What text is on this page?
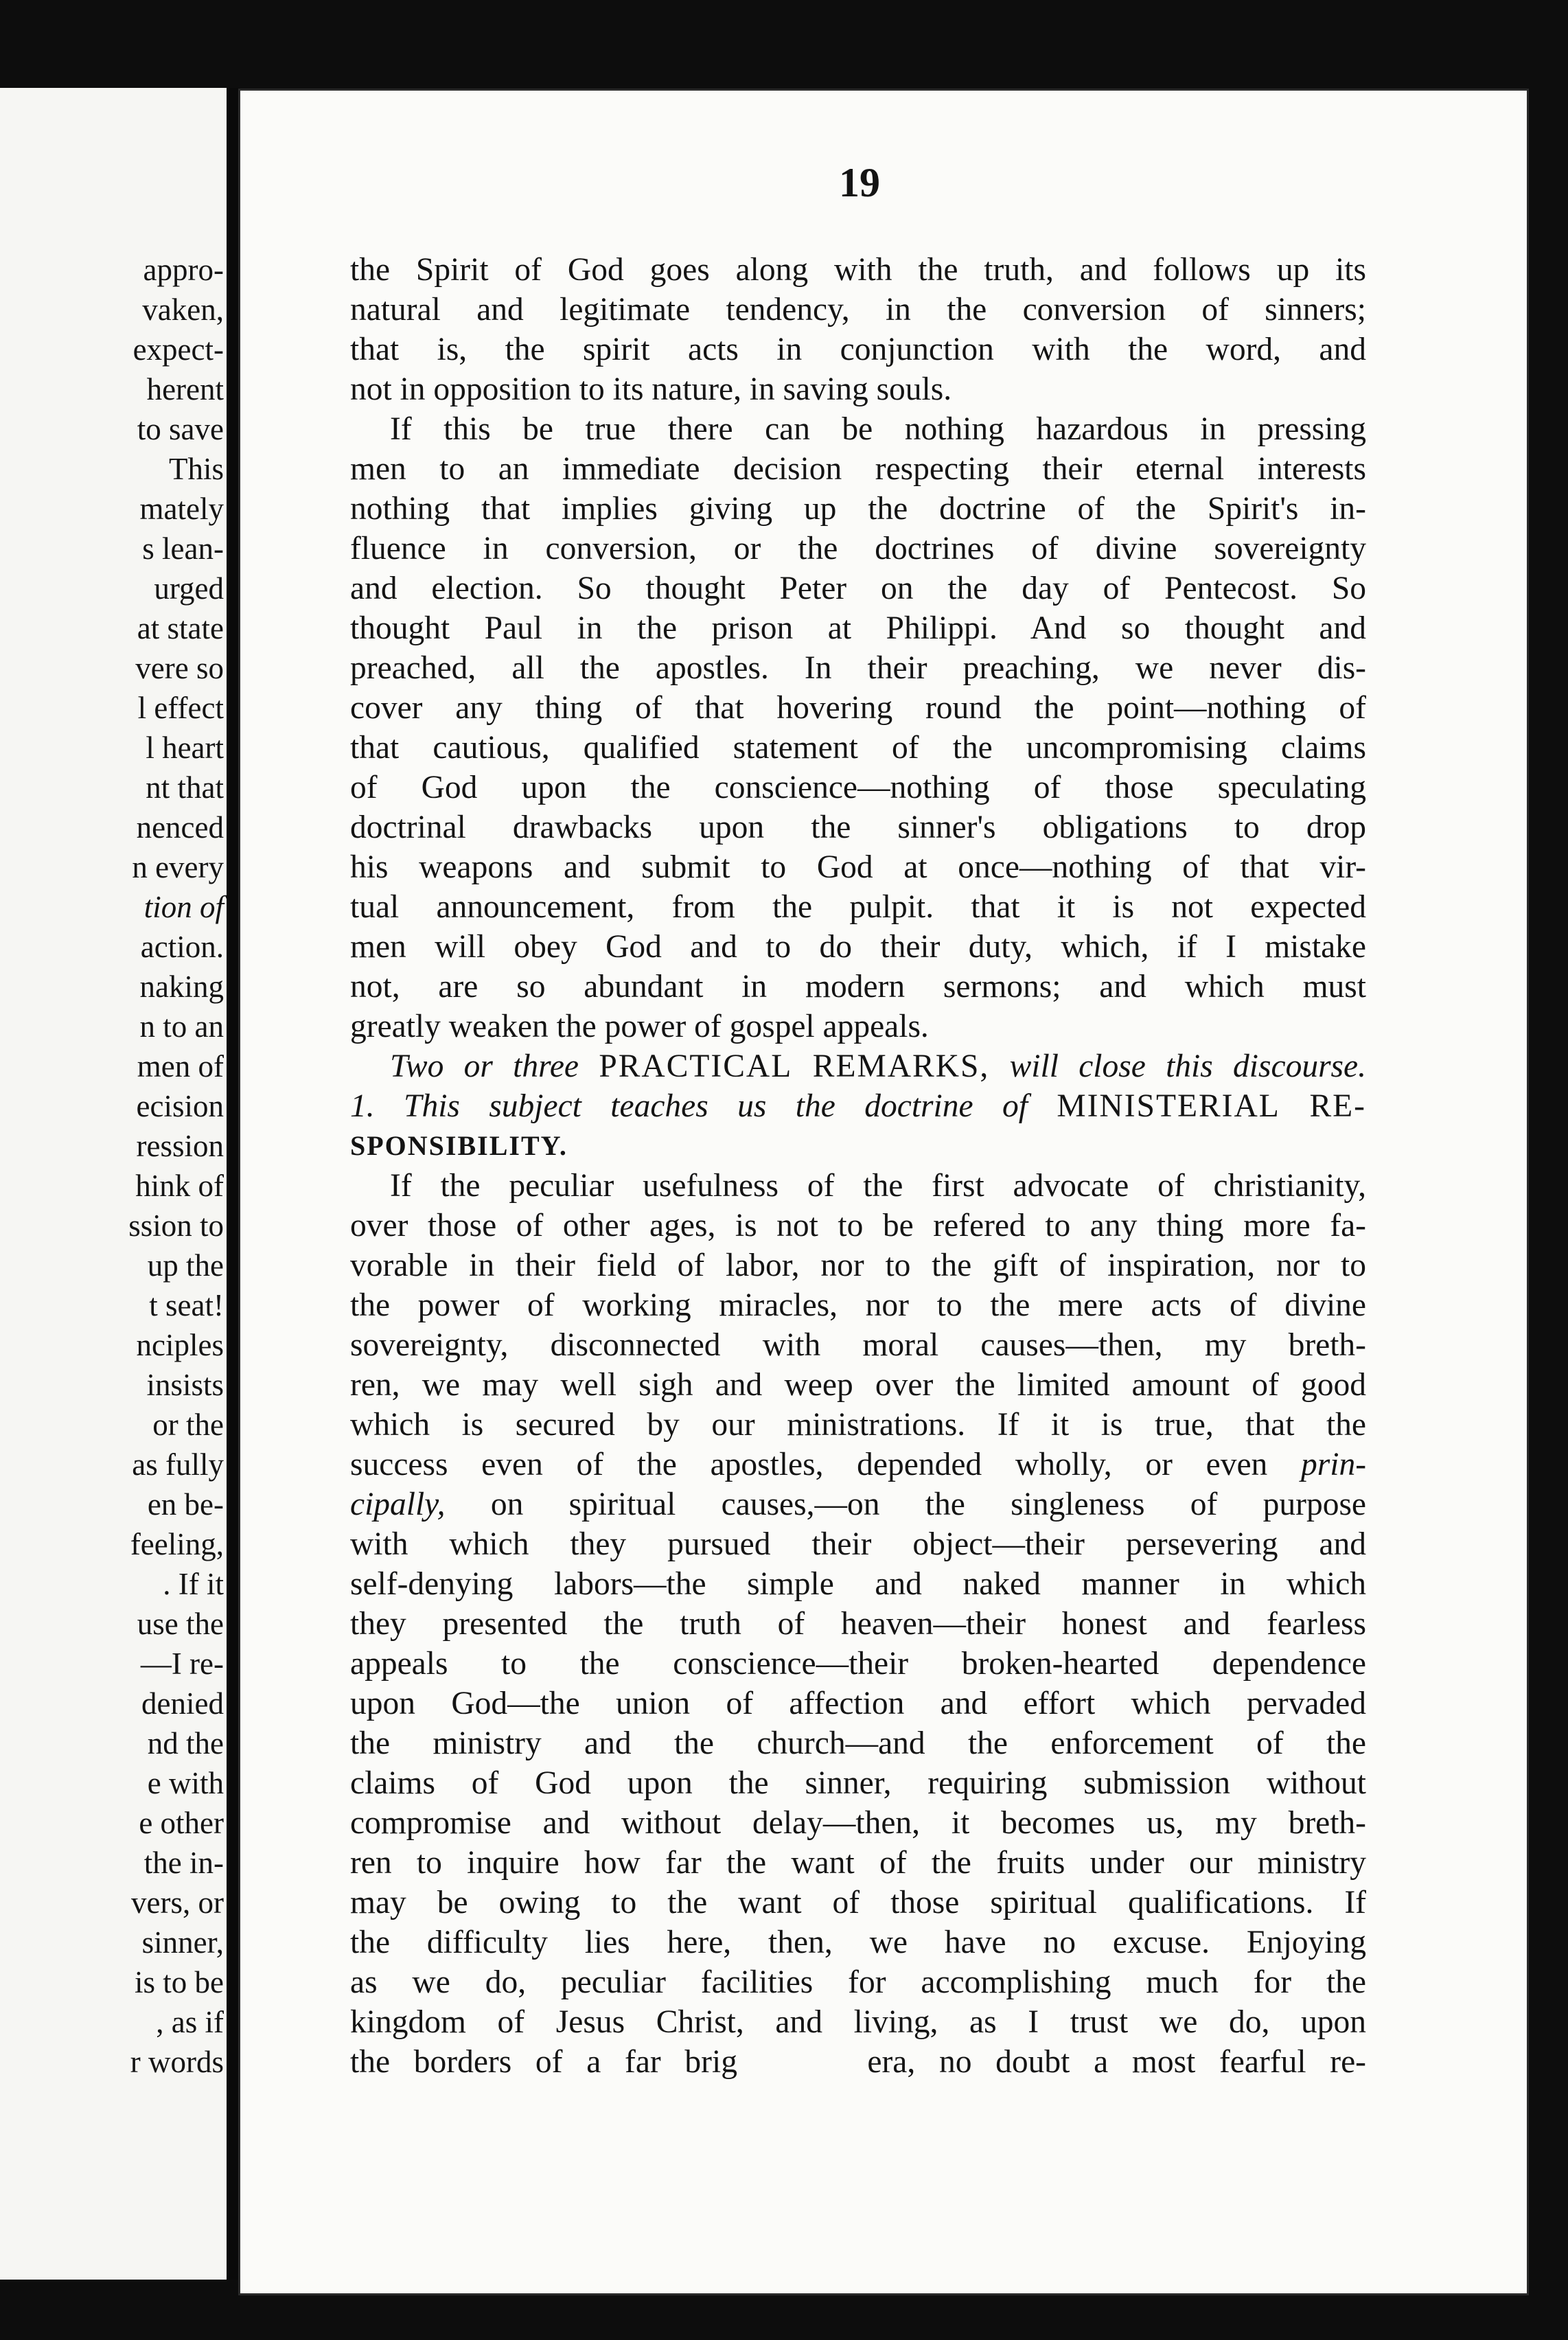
appro-
vaken,
expect-
herent
to save
This
mately
s lean-
urged
at state
vere so
l effect
l heart
nt that
nenced
n every
tion of
action.
naking
n to an
men of
ecision
ression
hink of
ssion to
up the
t seat!
nciples
insists
or the
as fully
en be-
feeling,
. If it
use the
—I re-
denied
nd the
e with
e other
the in-
vers, or
sinner,
is to be
, as if
r words
19
the Spirit of God goes along with the truth, and follows up its
natural and legitimate tendency, in the conversion of sinners;
that is, the spirit acts in conjunction with the word, and
not in opposition to its nature, in saving souls.
If this be true there can be nothing hazardous in pressing
men to an immediate decision respecting their eternal interests
nothing that implies giving up the doctrine of the Spirit's in-
fluence in conversion, or the doctrines of divine sovereignty
and election. So thought Peter on the day of Pentecost. So
thought Paul in the prison at Philippi. And so thought and
preached, all the apostles. In their preaching, we never dis-
cover any thing of that hovering round the point—nothing of
that cautious, qualified statement of the uncompromising claims
of God upon the conscience—nothing of those speculating
doctrinal drawbacks upon the sinner's obligations to drop
his weapons and submit to God at once—nothing of that vir-
tual announcement, from the pulpit. that it is not expected
men will obey God and to do their duty, which, if I mistake
not, are so abundant in modern sermons; and which must
greatly weaken the power of gospel appeals.
Two or three PRACTICAL REMARKS, will close this discourse.
1. This subject teaches us the doctrine of MINISTERIAL RE-
SPONSIBILITY.
If the peculiar usefulness of the first advocate of christianity,
over those of other ages, is not to be refered to any thing more fa-
vorable in their field of labor, nor to the gift of inspiration, nor to
the power of working miracles, nor to the mere acts of divine
sovereignty, disconnected with moral causes—then, my breth-
ren, we may well sigh and weep over the limited amount of good
which is secured by our ministrations. If it is true, that the
success even of the apostles, depended wholly, or even prin-
cipally, on spiritual causes,—on the singleness of purpose
with which they pursued their object—their persevering and
self-denying labors—the simple and naked manner in which
they presented the truth of heaven—their honest and fearless
appeals to the conscience—their broken-hearted dependence
upon God—the union of affection and effort which pervaded
the ministry and the church—and the enforcement of the
claims of God upon the sinner, requiring submission without
compromise and without delay—then, it becomes us, my breth-
ren to inquire how far the want of the fruits under our ministry
may be owing to the want of those spiritual qualifications. If
the difficulty lies here, then, we have no excuse. Enjoying
as we do, peculiar facilities for accomplishing much for the
kingdom of Jesus Christ, and living, as I trust we do, upon
the borders of a far brig	era, no doubt a most fearful re-
